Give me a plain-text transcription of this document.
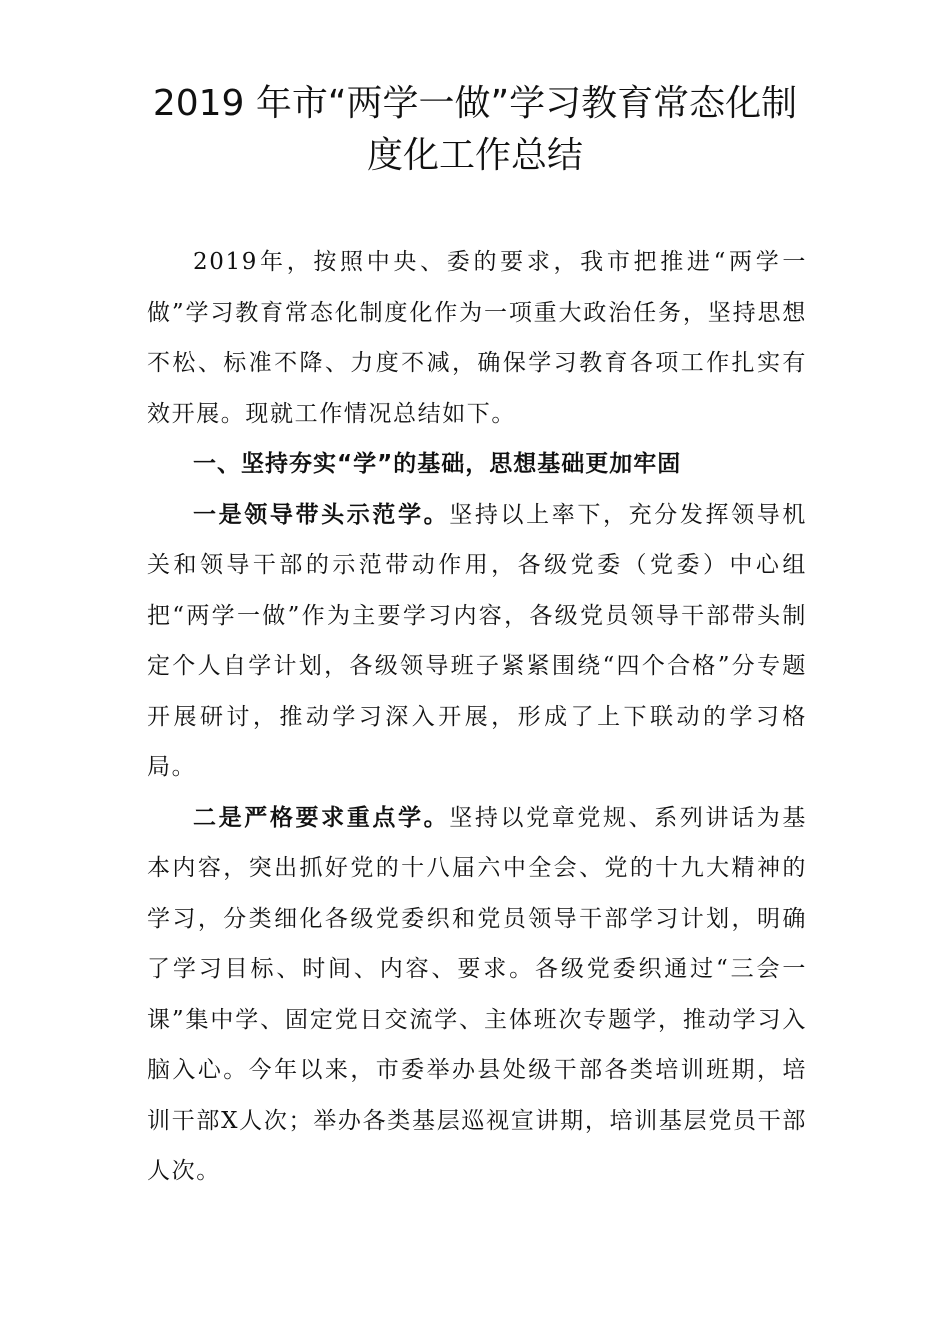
2019 年市“两学一做”学习教育常态化制
度化工作总结

2019年，按照中央、委的要求，我市把推进“两学一做”学习教育常态化制度化作为一项重大政治任务，坚持思想不松、标准不降、力度不减，确保学习教育各项工作扎实有效开展。现就工作情况总结如下。

一、坚持夯实“学”的基础，思想基础更加牢固

一是领导带头示范学。坚持以上率下，充分发挥领导机关和领导干部的示范带动作用，各级党委（党委）中心组把“两学一做”作为主要学习内容，各级党员领导干部带头制定个人自学计划，各级领导班子紧紧围绕“四个合格”分专题开展研讨，推动学习深入开展，形成了上下联动的学习格局。

二是严格要求重点学。坚持以党章党规、系列讲话为基本内容，突出抓好党的十八届六中全会、党的十九大精神的学习，分类细化各级党委织和党员领导干部学习计划，明确了学习目标、时间、内容、要求。各级党委织通过“三会一课”集中学、固定党日交流学、主体班次专题学，推动学习入脑入心。今年以来，市委举办县处级干部各类培训班期，培训干部X人次；举办各类基层巡视宣讲期，培训基层党员干部人次。
